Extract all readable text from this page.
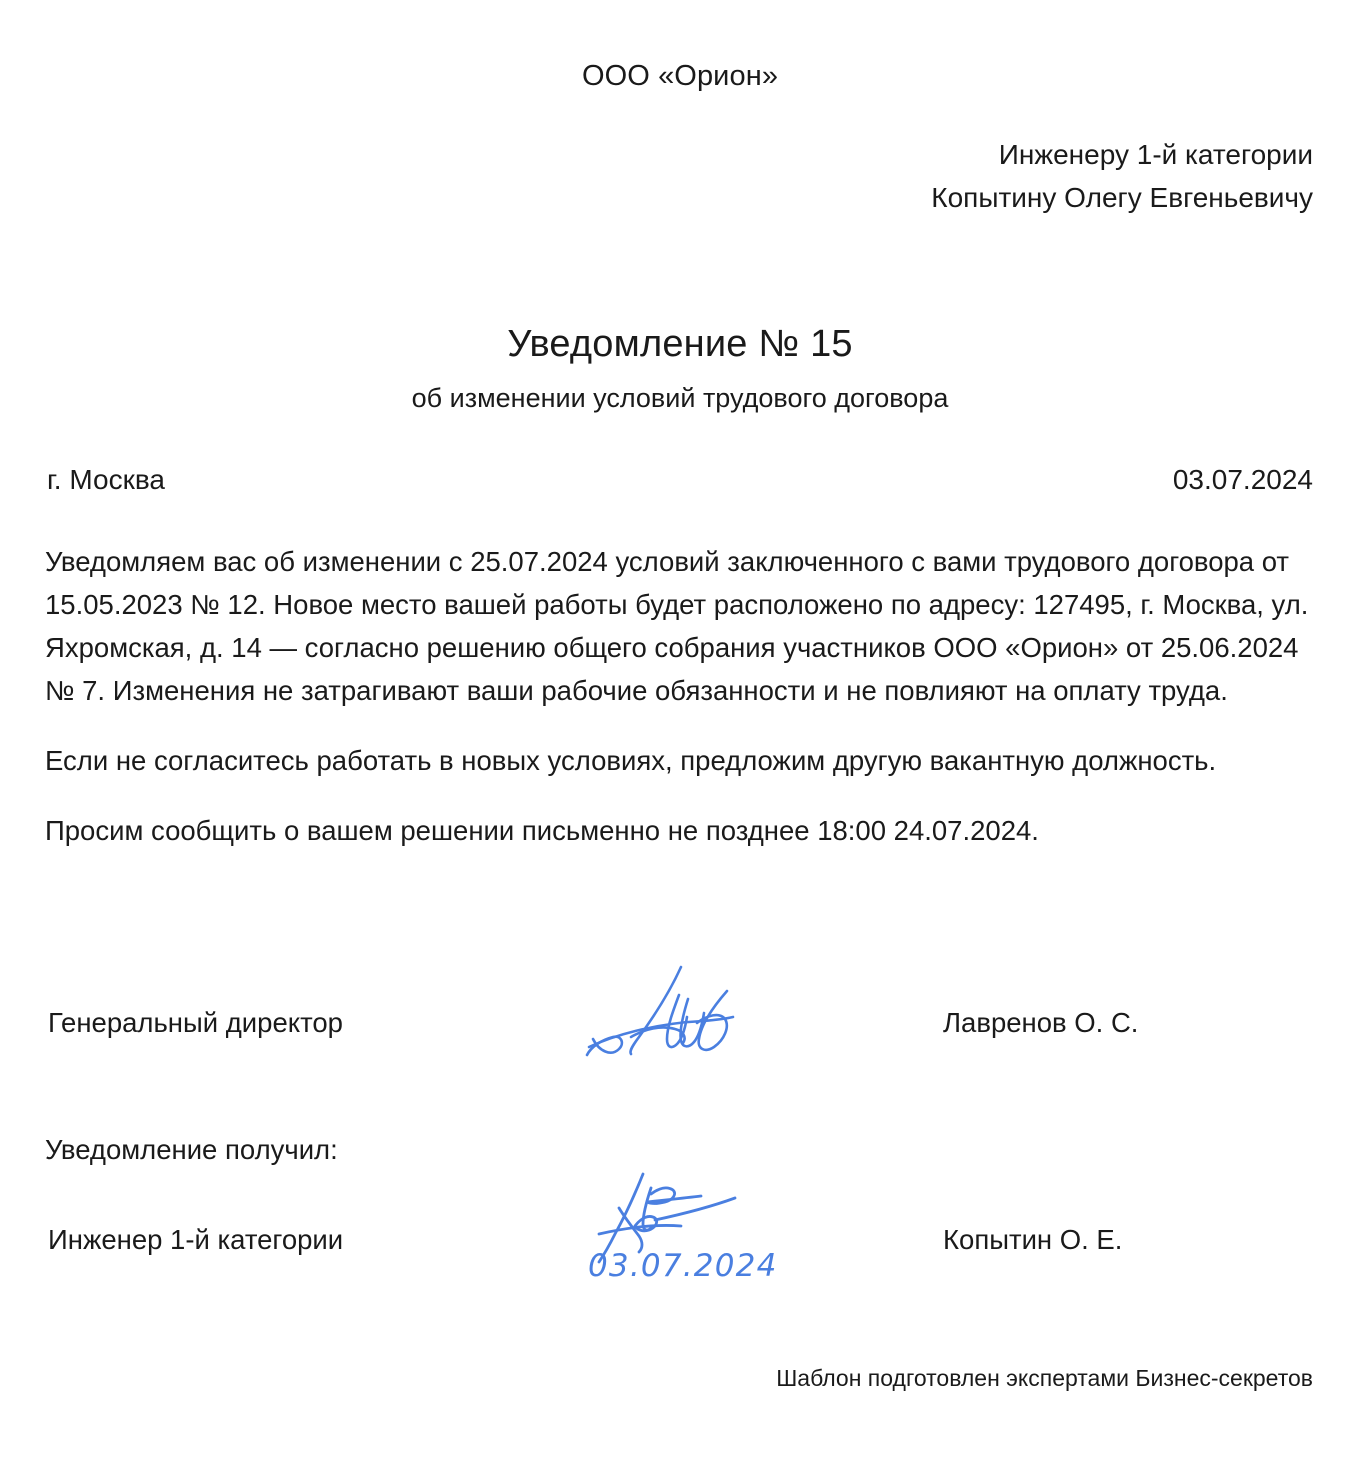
ООО «Орион»
Инженеру 1-й категории
Копытину Олегу Евгеньевичу
Уведомление № 15
об изменении условий трудового договора
г. Москва	03.07.2024

Уведомляем вас об изменении с 25.07.2024 условий заключенного с вами трудового договора от 15.05.2023 № 12. Новое место вашей работы будет расположено по адресу: 127495, г. Москва, ул. Яхромская, д. 14 — согласно решению общего собрания участников ООО «Орион» от 25.06.2024 № 7. Изменения не затрагивают ваши рабочие обязанности и не повлияют на оплату труда.

Если не согласитесь работать в новых условиях, предложим другую вакантную должность.

Просим сообщить о вашем решении письменно не позднее 18:00 24.07.2024.

Генеральный директор	Лавренов О. С.
Уведомление получил:
Инженер 1-й категории	Копытин О. Е.
03.07.2024
Шаблон подготовлен экспертами Бизнес-секретов
